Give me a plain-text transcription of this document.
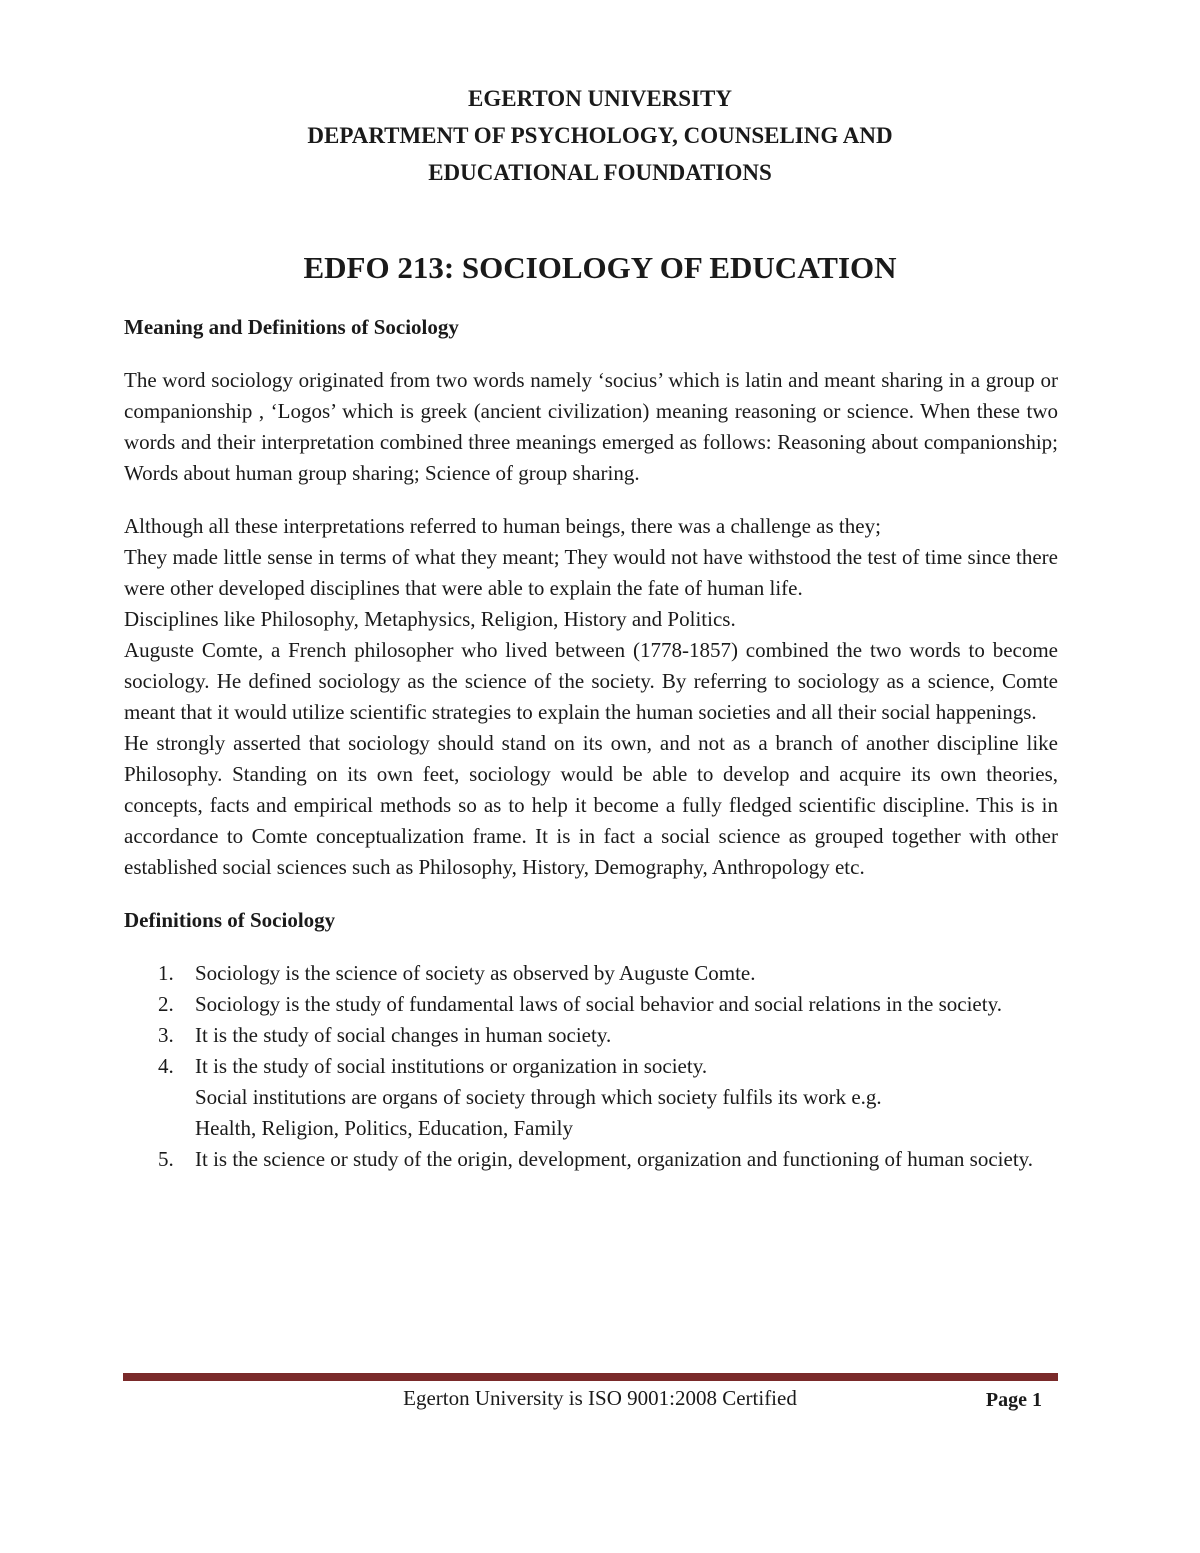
EGERTON UNIVERSITY
DEPARTMENT OF PSYCHOLOGY, COUNSELING AND
EDUCATIONAL FOUNDATIONS
EDFO 213: SOCIOLOGY OF EDUCATION

Meaning and Definitions of Sociology

The word sociology originated from two words namely ‘socius’ which is latin and meant sharing in a group or companionship , ‘Logos’ which is greek (ancient civilization) meaning reasoning or science. When these two words and their interpretation combined three meanings emerged as follows: Reasoning about companionship; Words about human group sharing; Science of group sharing.

Although all these interpretations referred to human beings, there was a challenge as they;

They made little sense in terms of what they meant; They would not have withstood the test of time since there were other developed disciplines that were able to explain the fate of human life.

Disciplines like Philosophy, Metaphysics, Religion, History and Politics.

Auguste Comte, a French philosopher who lived between (1778-1857) combined the two words to become sociology. He defined sociology as the science of the society. By referring to sociology as a science, Comte meant that it would utilize scientific strategies to explain the human societies and all their social happenings.

He strongly asserted that sociology should stand on its own, and not as a branch of another discipline like Philosophy. Standing on its own feet, sociology would be able to develop and acquire its own theories, concepts, facts and empirical methods so as to help it become a fully fledged scientific discipline. This is in accordance to Comte conceptualization frame. It is in fact a social science as grouped together with other established social sciences such as Philosophy, History, Demography, Anthropology etc.

Definitions of Sociology

1. Sociology is the science of society as observed by Auguste Comte.
2. Sociology is the study of fundamental laws of social behavior and social relations in the society.
3. It is the study of social changes in human society.
4. It is the study of social institutions or organization in society.
Social institutions are organs of society through which society fulfils its work e.g.
Health, Religion, Politics, Education, Family
5. It is the science or study of the origin, development, organization and functioning of human society.
Egerton University is ISO 9001:2008 Certified	Page 1
